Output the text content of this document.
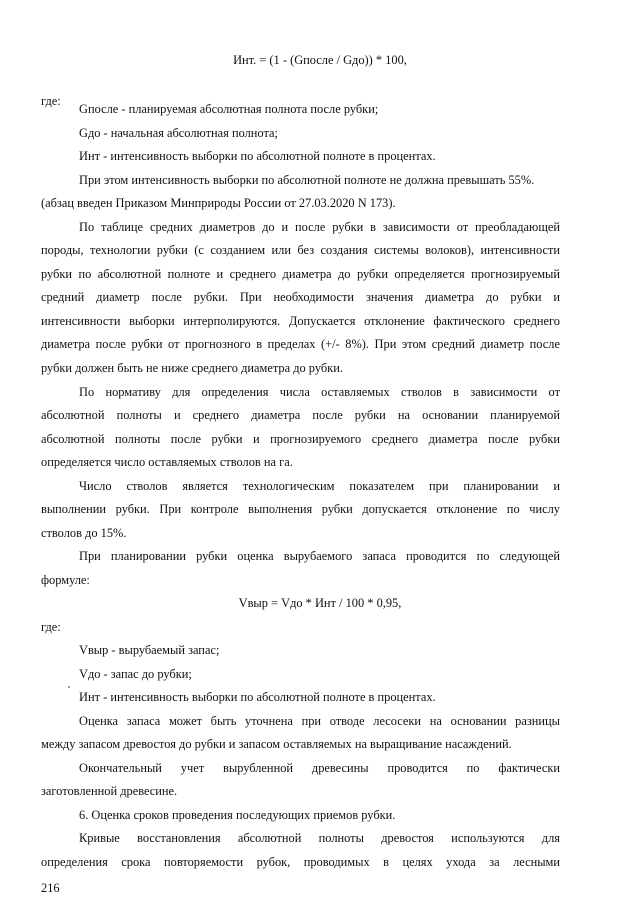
Инт. = (1 - (Gпосле / Gдо)) * 100,
где:
Gпосле - планируемая абсолютная полнота после рубки;
Gдо - начальная абсолютная полнота;
Инт - интенсивность выборки по абсолютной полноте в процентах.
При этом интенсивность выборки по абсолютной полноте не должна превышать 55%.
(абзац введен Приказом Минприроды России от 27.03.2020 N 173).
По таблице средних диаметров до и после рубки в зависимости от преобладающей
породы, технологии рубки (с созданием или без создания системы волоков), интенсивности
рубки по абсолютной полноте и среднего диаметра до рубки определяется прогнозируемый
средний диаметр после рубки. При необходимости значения диаметра до рубки и
интенсивности выборки интерполируются. Допускается отклонение фактического среднего
диаметра после рубки от прогнозного в пределах (+/- 8%). При этом средний диаметр после
рубки должен быть не ниже среднего диаметра до рубки.
По нормативу для определения числа оставляемых стволов в зависимости от
абсолютной полноты и среднего диаметра после рубки на основании планируемой
абсолютной полноты после рубки и прогнозируемого среднего диаметра после рубки
определяется число оставляемых стволов на га.
Число стволов является технологическим показателем при планировании и
выполнении рубки. При контроле выполнения рубки допускается отклонение по числу
стволов до 15%.
При планировании рубки оценка вырубаемого запаса проводится по следующей
формуле:
Vвыр = Vдо * Инт / 100 * 0,95,
где:
Vвыр - вырубаемый запас;
Vдо - запас до рубки;
Инт - интенсивность выборки по абсолютной полноте в процентах.
Оценка запаса может быть уточнена при отводе лесосеки на основании разницы
между запасом древостоя до рубки и запасом оставляемых на выращивание насаждений.
Окончательный учет вырубленной древесины проводится по фактически
заготовленной древесине.
6. Оценка сроков проведения последующих приемов рубки.
Кривые восстановления абсолютной полноты древостоя используются для
определения срока повторяемости рубок, проводимых в целях ухода за лесными
216
